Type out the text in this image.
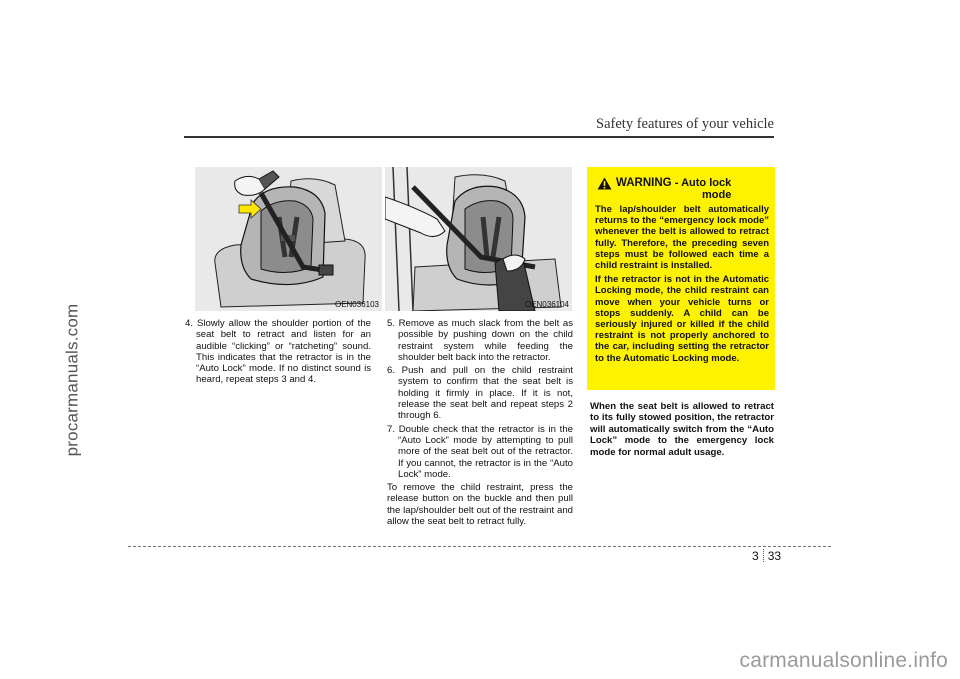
procarmanuals.com
Safety features of your vehicle
OEN036103	OEN036104

4. Slowly allow the shoulder portion of the seat belt to retract and listen for an audible “clicking” or “ratcheting” sound. This indicates that the retractor is in the “Auto Lock” mode. If no distinct sound is heard, repeat steps 3 and 4.

5. Remove as much slack from the belt as possible by pushing down on the child restraint system while feeding the shoulder belt back into the retractor.

6. Push and pull on the child restraint system to confirm that the seat belt is holding it firmly in place. If it is not, release the seat belt and repeat steps 2 through 6.

7. Double check that the retractor is in the “Auto Lock” mode by attempting to pull more of the seat belt out of the retractor. If you cannot, the retractor is in the “Auto Lock” mode.

To remove the child restraint, press the release button on the buckle and then pull the lap/shoulder belt out of the restraint and allow the seat belt to retract fully.

WARNING - Auto lock
mode

The lap/shoulder belt automatically returns to the “emergency lock mode” whenever the belt is allowed to retract fully. Therefore, the preceding seven steps must be followed each time a child restraint is installed.

If the retractor is not in the Automatic Locking mode, the child restraint can move when your vehicle turns or stops suddenly. A child can be seriously injured or killed if the child restraint is not properly anchored to the car, including setting the retractor to the Automatic Locking mode.

When the seat belt is allowed to retract to its fully stowed position, the retractor will automatically switch from the “Auto Lock” mode to the emergency lock mode for normal adult usage.

3 33
carmanualsonline.info
